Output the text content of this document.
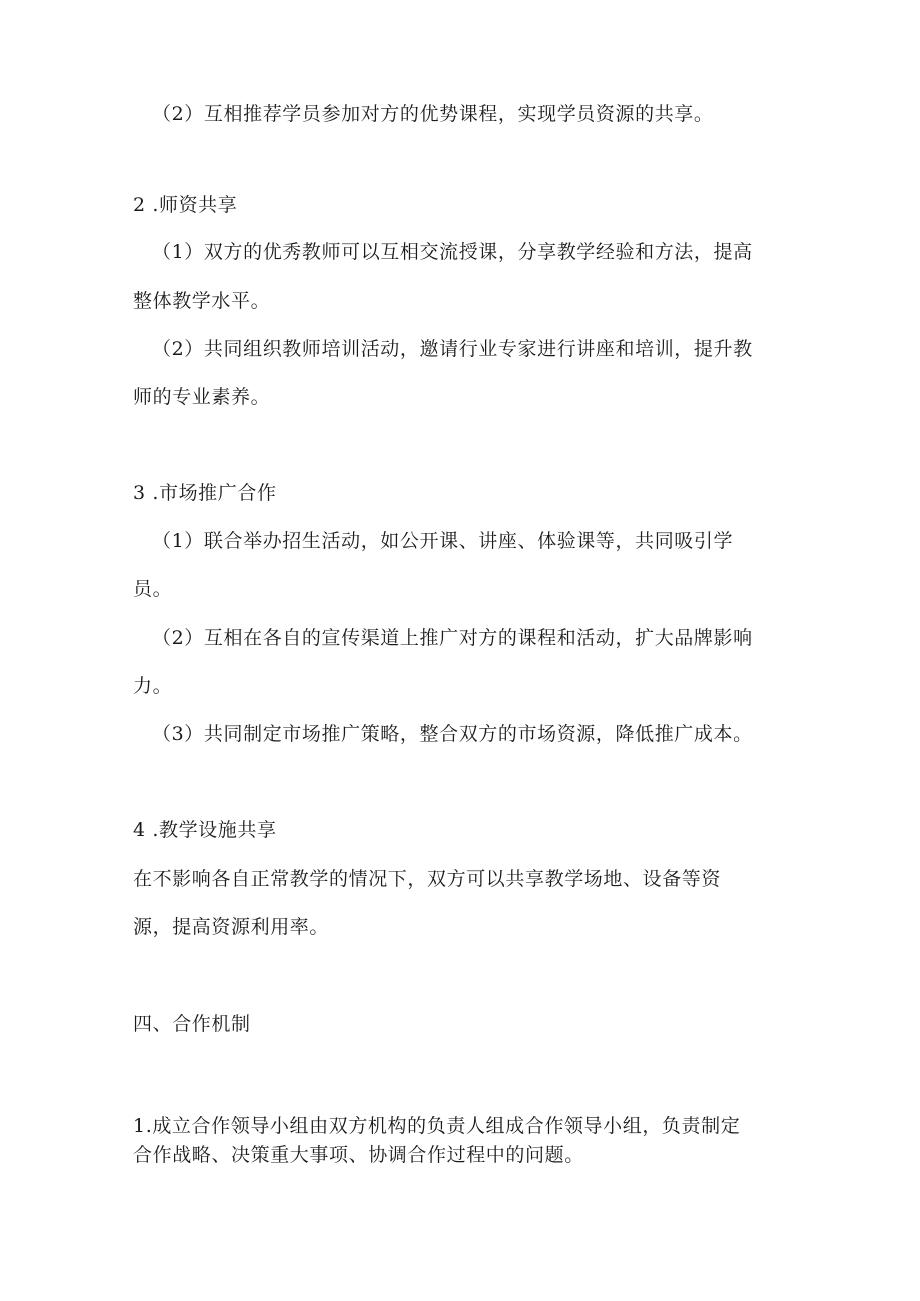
（2）互相推荐学员参加对方的优势课程，实现学员资源的共享。
2 .师资共享
（1）双方的优秀教师可以互相交流授课，分享教学经验和方法，提高
整体教学水平。
（2）共同组织教师培训活动，邀请行业专家进行讲座和培训，提升教
师的专业素养。
3 .市场推广合作
（1）联合举办招生活动，如公开课、讲座、体验课等，共同吸引学
员。
（2）互相在各自的宣传渠道上推广对方的课程和活动，扩大品牌影响
力。
（3）共同制定市场推广策略，整合双方的市场资源，降低推广成本。
4 .教学设施共享
在不影响各自正常教学的情况下，双方可以共享教学场地、设备等资
源，提高资源利用率。
四、合作机制
1.成立合作领导小组由双方机构的负责人组成合作领导小组，负责制定
合作战略、决策重大事项、协调合作过程中的问题。
